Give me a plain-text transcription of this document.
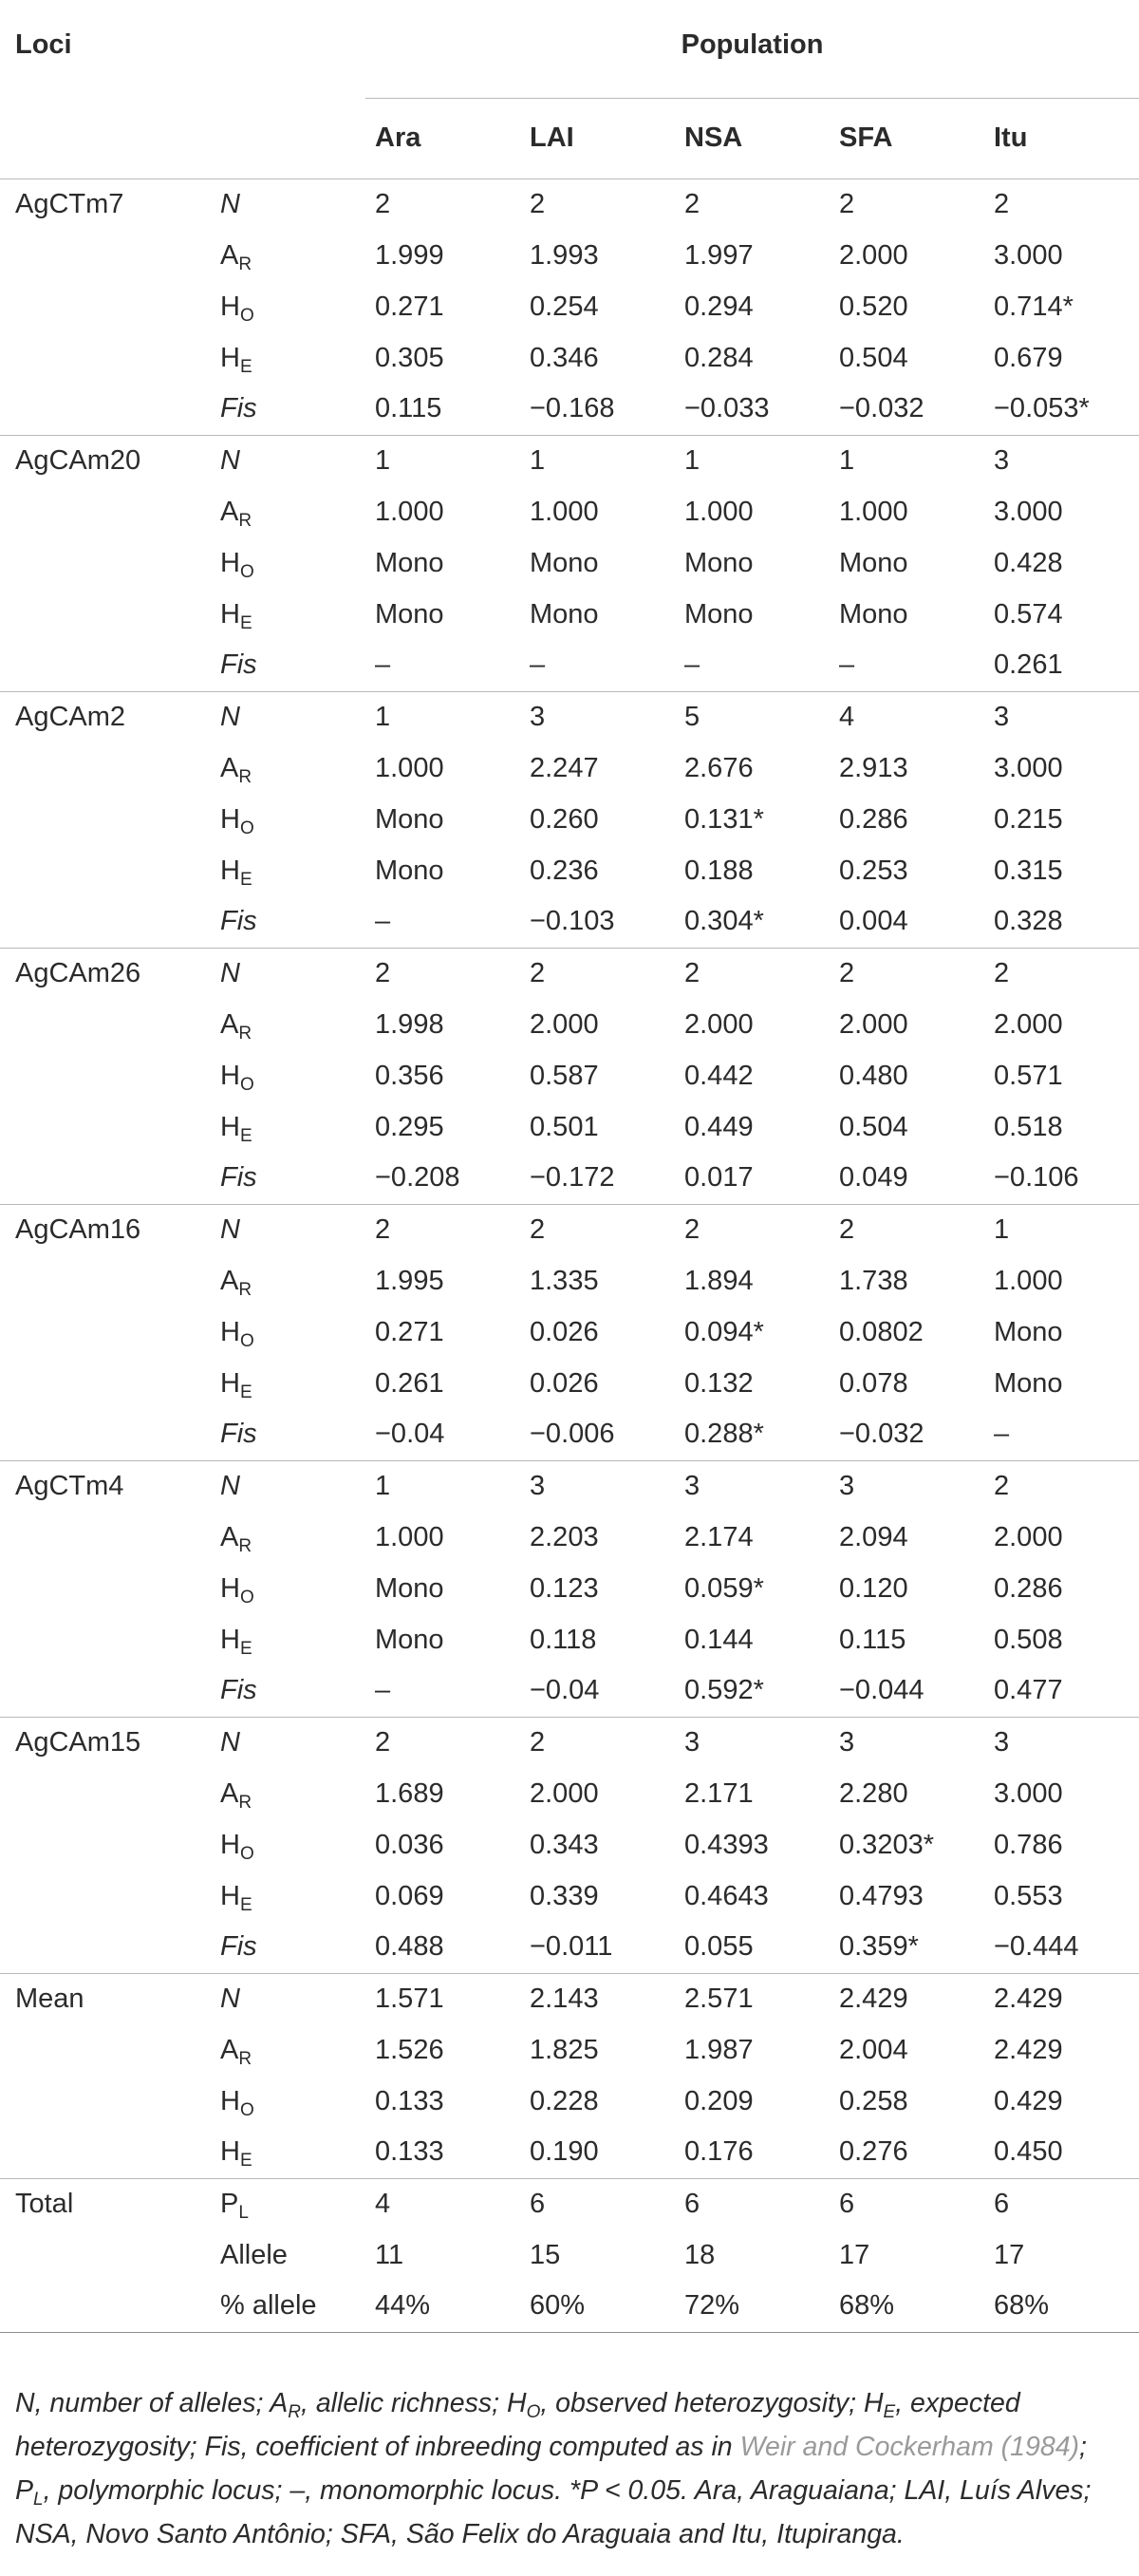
Loci		Population				
		Ara	LAI	NSA	SFA	Itu
AgCTm7	N	2	2	2	2	2
	$A_R$	1.999	1.993	1.997	2.000	3.000
	$H_O$	0.271	0.254	0.294	0.520	0.714*
	$H_E$	0.305	0.346	0.284	0.504	0.679
	Fis	0.115	−0.168	−0.033	−0.032	−0.053*
AgCAm20	N	1	1	1	1	3
	$A_R$	1.000	1.000	1.000	1.000	3.000
	$H_O$	Mono	Mono	Mono	Mono	0.428
	$H_E$	Mono	Mono	Mono	Mono	0.574
	Fis	–	–	–	–	0.261
AgCAm2	N	1	3	5	4	3
	$A_R$	1.000	2.247	2.676	2.913	3.000
	$H_O$	Mono	0.260	0.131*	0.286	0.215
	$H_E$	Mono	0.236	0.188	0.253	0.315
	Fis	–	−0.103	0.304*	0.004	0.328
AgCAm26	N	2	2	2	2	2
	$A_R$	1.998	2.000	2.000	2.000	2.000
	$H_O$	0.356	0.587	0.442	0.480	0.571
	$H_E$	0.295	0.501	0.449	0.504	0.518
	Fis	−0.208	−0.172	0.017	0.049	−0.106
AgCAm16	N	2	2	2	2	1
	$A_R$	1.995	1.335	1.894	1.738	1.000
	$H_O$	0.271	0.026	0.094*	0.0802	Mono
	$H_E$	0.261	0.026	0.132	0.078	Mono
	Fis	−0.04	−0.006	0.288*	−0.032	–
AgCTm4	N	1	3	3	3	2
	$A_R$	1.000	2.203	2.174	2.094	2.000
	$H_O$	Mono	0.123	0.059*	0.120	0.286
	$H_E$	Mono	0.118	0.144	0.115	0.508
	Fis	–	−0.04	0.592*	−0.044	0.477
AgCAm15	N	2	2	3	3	3
	$A_R$	1.689	2.000	2.171	2.280	3.000
	$H_O$	0.036	0.343	0.4393	0.3203*	0.786
	$H_E$	0.069	0.339	0.4643	0.4793	0.553
	Fis	0.488	−0.011	0.055	0.359*	−0.444
Mean	N	1.571	2.143	2.571	2.429	2.429
	$A_R$	1.526	1.825	1.987	2.004	2.429
	$H_O$	0.133	0.228	0.209	0.258	0.429
	$H_E$	0.133	0.190	0.176	0.276	0.450
Total	$P_L$	4	6	6	6	6
	Allele	11	15	18	17	17
	% allele	44%	60%	72%	68%	68%
N, number of alleles; $A_R$, allelic richness; $H_O$, observed heterozygosity; $H_E$, expected heterozygosity; Fis, coefficient of inbreeding computed as in Weir and Cockerham (1984); $P_L$, polymorphic locus; –, monomorphic locus. *P < 0.05. Ara, Araguaiana; LAI, Luís Alves; NSA, Novo Santo Antônio; SFA, São Felix do Araguaia and Itu, Itupiranga.
